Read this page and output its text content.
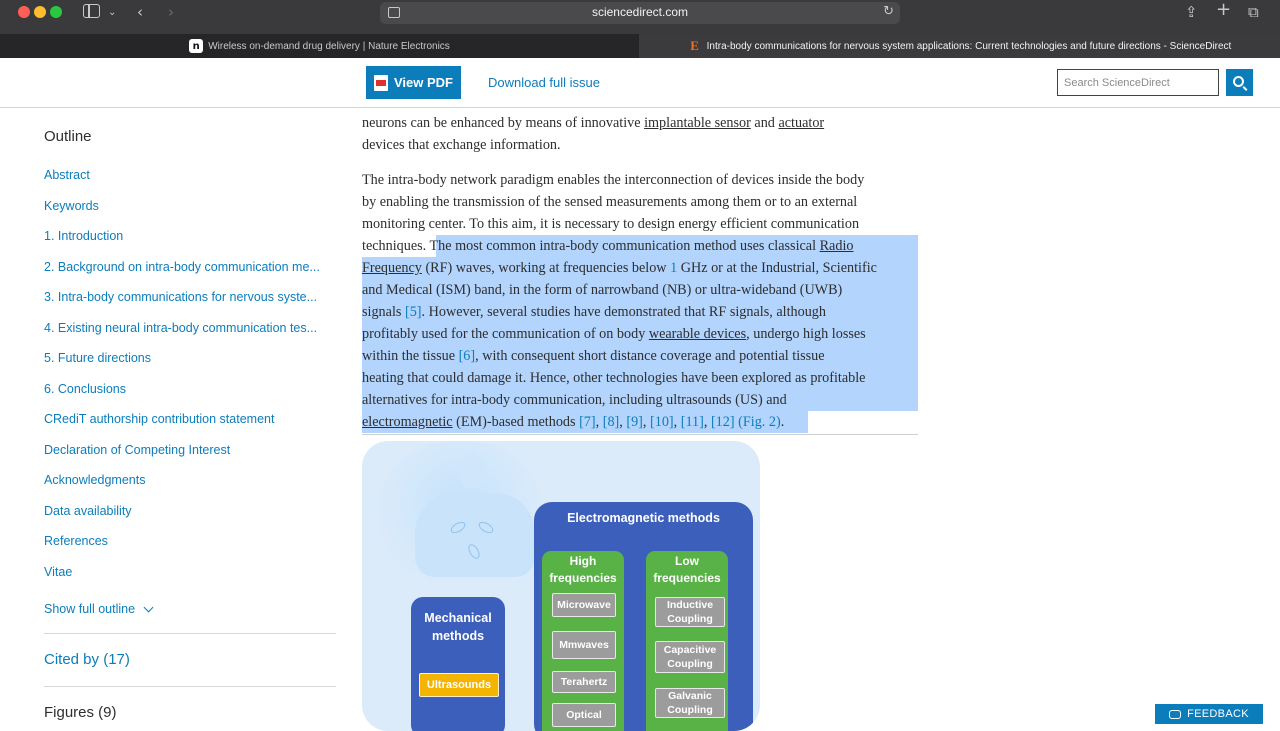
⌄ ‹ ›	sciencedirect.com	↻	⇪ + ⧉
n Wireless on-demand drug delivery | Nature Electronics	E Intra-body communications for nervous system applications: Current technologies and future directions - ScienceDirect
View PDF	Download full issue
Search ScienceDirect
Outline
Abstract
Keywords
1. Introduction
2. Background on intra-body communication me...
3. Intra-body communications for nervous syste...
4. Existing neural intra-body communication tes...
5. Future directions
6. Conclusions
CRediT authorship contribution statement
Declaration of Competing Interest
Acknowledgments
Data availability
References
Vitae
Show full outline
Cited by (17)
Figures (9)
neurons can be enhanced by means of innovative implantable sensor and actuator
devices that exchange information.
The intra-body network paradigm enables the interconnection of devices inside the body
by enabling the transmission of the sensed measurements among them or to an external
monitoring center. To this aim, it is necessary to design energy efficient communication
techniques. The most common intra-body communication method uses classical Radio
Frequency (RF) waves, working at frequencies below 1 GHz or at the Industrial, Scientific
and Medical (ISM) band, in the form of narrowband (NB) or ultra-wideband (UWB)
signals [5]. However, several studies have demonstrated that RF signals, although
profitably used for the communication of on body wearable devices, undergo high losses
within the tissue [6], with consequent short distance coverage and potential tissue
heating that could damage it. Hence, other technologies have been explored as profitable
alternatives for intra-body communication, including ultrasounds (US) and
electromagnetic (EM)-based methods [7], [8], [9], [10], [11], [12] (Fig. 2).
Electromagnetic methods
High frequencies
Microwave
Mmwaves
Terahertz
Optical
Low frequencies
Inductive Coupling
Capacitive Coupling
Galvanic Coupling
Mechanical methods
Ultrasounds
FEEDBACK
